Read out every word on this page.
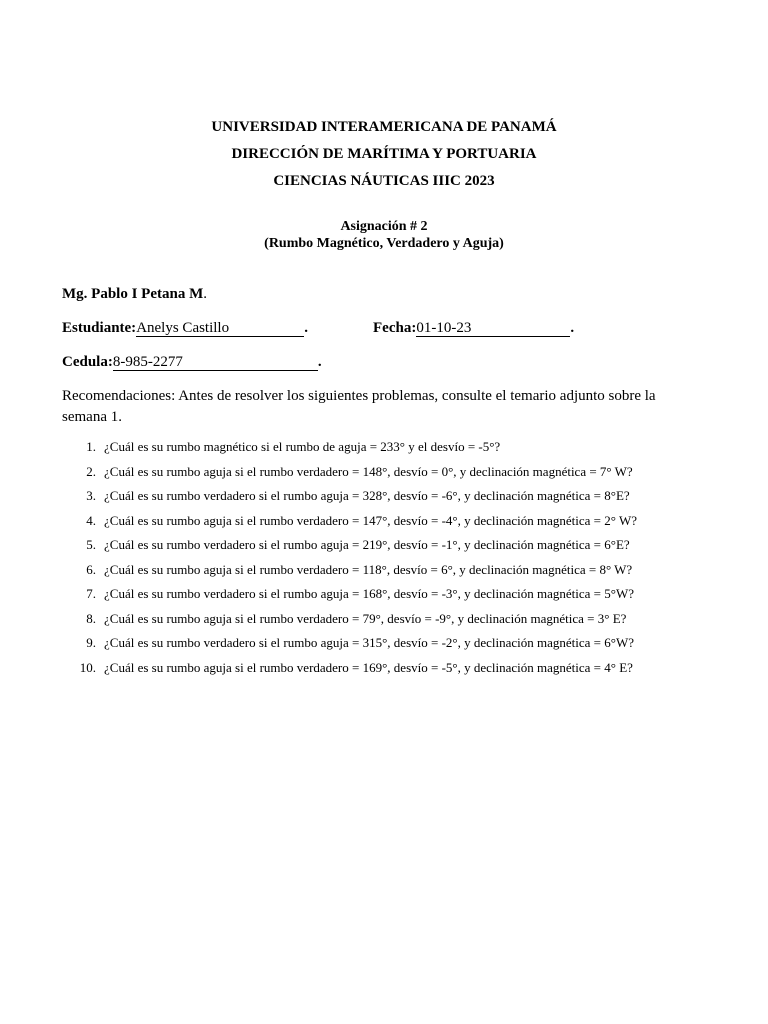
UNIVERSIDAD INTERAMERICANA DE PANAMÁ
DIRECCIÓN DE MARÍTIMA Y PORTUARIA
CIENCIAS NÁUTICAS IIIC 2023
Asignación # 2
(Rumbo Magnético, Verdadero y Aguja)
Mg. Pablo I Petana M.
Estudiante:Anelys Castillo	.	Fecha:01-10-23	.
Cedula:8-985-2277	.
Recomendaciones: Antes de resolver los siguientes problemas, consulte el temario adjunto sobre la semana 1.
1. ¿Cuál es su rumbo magnético si el rumbo de aguja = 233° y el desvío = -5°?
2. ¿Cuál es su rumbo aguja si el rumbo verdadero = 148°, desvío = 0°, y declinación magnética = 7° W?
3. ¿Cuál es su rumbo verdadero si el rumbo aguja = 328°, desvío = -6°, y declinación magnética = 8°E?
4. ¿Cuál es su rumbo aguja si el rumbo verdadero = 147°, desvío = -4°, y declinación magnética = 2° W?
5. ¿Cuál es su rumbo verdadero si el rumbo aguja = 219°, desvío = -1°, y declinación magnética = 6°E?
6. ¿Cuál es su rumbo aguja si el rumbo verdadero = 118°, desvío = 6°, y declinación magnética = 8° W?
7. ¿Cuál es su rumbo verdadero si el rumbo aguja = 168°, desvío = -3°, y declinación magnética = 5°W?
8. ¿Cuál es su rumbo aguja si el rumbo verdadero = 79°, desvío = -9°, y declinación magnética = 3° E?
9. ¿Cuál es su rumbo verdadero si el rumbo aguja = 315°, desvío = -2°, y declinación magnética = 6°W?
10. ¿Cuál es su rumbo aguja si el rumbo verdadero = 169°, desvío = -5°, y declinación magnética = 4° E?
